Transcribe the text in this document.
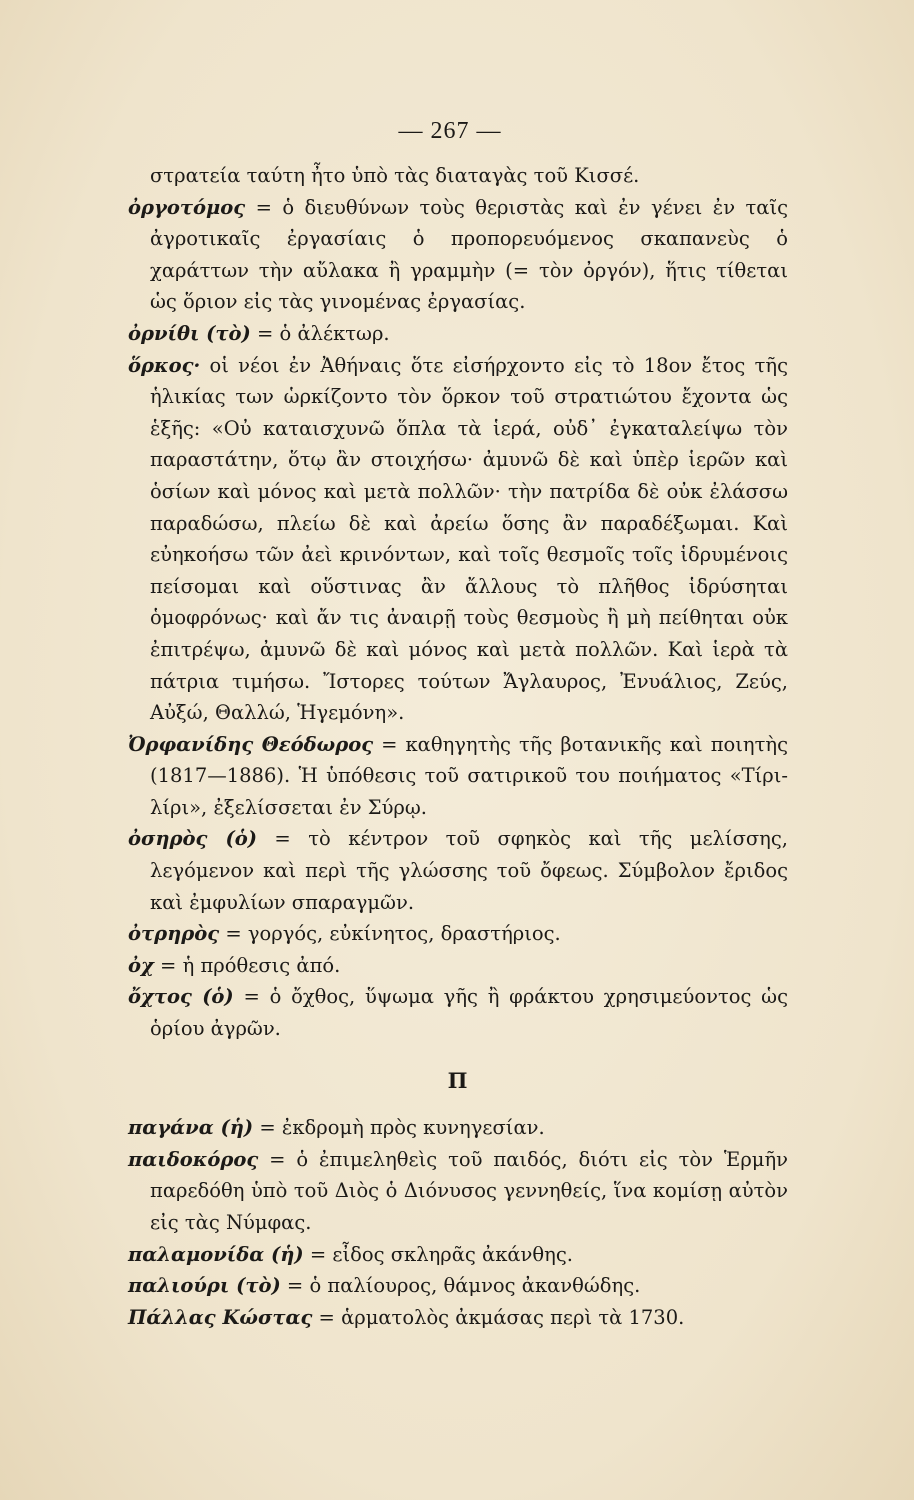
— 267 —

στρατεία ταύτη ἦτο ὑπὸ τὰς διαταγὰς τοῦ Κισσέ.

ὀργοτόμος = ὁ διευθύνων τοὺς θεριστὰς καὶ ἐν γένει ἐν ταῖς ἀγροτικαῖς ἐργασίαις ὁ προπορευόμενος σκαπανεὺς ὁ χαράττων τὴν αὔλακα ἢ γραμμὴν (= τὸν ὀργόν), ἥτις τίθεται ὡς ὅριον εἰς τὰς γινομένας ἐργασίας.

ὀρνίθι (τὸ) = ὁ ἀλέκτωρ.

ὅρκος· οἱ νέοι ἐν Ἀθήναις ὅτε εἰσήρχοντο εἰς τὸ 18ον ἔτος τῆς ἡλικίας των ὡρκίζοντο τὸν ὅρκον τοῦ στρατιώτου ἔχοντα ὡς ἑξῆς: «Οὐ καταισχυνῶ ὅπλα τὰ ἱερά, οὐδ᾽ ἐγκαταλείψω τὸν παραστάτην, ὅτῳ ἂν στοιχήσω· ἀμυνῶ δὲ καὶ ὑπὲρ ἱερῶν καὶ ὁσίων καὶ μόνος καὶ μετὰ πολλῶν· τὴν πατρίδα δὲ οὐκ ἐλάσσω παραδώσω, πλείω δὲ καὶ ἀρείω ὅσης ἂν παραδέξωμαι. Καὶ εὐηκοήσω τῶν ἀεὶ κρινόντων, καὶ τοῖς θεσμοῖς τοῖς ἱδρυμένοις πείσομαι καὶ οὕστινας ἂν ἄλλους τὸ πλῆθος ἱδρύσηται ὁμοφρόνως· καὶ ἄν τις ἀναιρῇ τοὺς θεσμοὺς ἢ μὴ πείθηται οὐκ ἐπιτρέψω, ἀμυνῶ δὲ καὶ μόνος καὶ μετὰ πολλῶν. Καὶ ἱερὰ τὰ πάτρια τιμήσω. Ἴστορες τούτων Ἄγλαυρος, Ἐνυάλιος, Ζεύς, Αὐξώ, Θαλλώ, Ἡγεμόνη».

Ὀρφανίδης Θεόδωρος = καθηγητὴς τῆς βοτανικῆς καὶ ποιητὴς (1817—1886). Ἡ ὑπόθεσις τοῦ σατιρικοῦ του ποιήματος «Τίρι-λίρι», ἐξελίσσεται ἐν Σύρῳ.

ὀσηρὸς (ὁ) = τὸ κέντρον τοῦ σφηκὸς καὶ τῆς μελίσσης, λεγόμενον καὶ περὶ τῆς γλώσσης τοῦ ὄφεως. Σύμβολον ἔριδος καὶ ἐμφυλίων σπαραγμῶν.

ὀτρηρὸς = γοργός, εὐκίνητος, δραστήριος.

ὀχ = ἡ πρόθεσις ἀπό.

ὄχτος (ὁ) = ὁ ὄχθος, ὕψωμα γῆς ἢ φράκτου χρησιμεύοντος ὡς ὁρίου ἀγρῶν.

Π

παγάνα (ἡ) = ἐκδρομὴ πρὸς κυνηγεσίαν.

παιδοκόρος = ὁ ἐπιμεληθεὶς τοῦ παιδός, διότι εἰς τὸν Ἑρμῆν παρεδόθη ὑπὸ τοῦ Διὸς ὁ Διόνυσος γεννηθείς, ἵνα κομίσῃ αὐτὸν εἰς τὰς Νύμφας.

παλαμονίδα (ἡ) = εἶδος σκληρᾶς ἀκάνθης.

παλιούρι (τὸ) = ὁ παλίουρος, θάμνος ἀκανθώδης.

Πάλλας Κώστας = ἁρματολὸς ἀκμάσας περὶ τὰ 1730.
